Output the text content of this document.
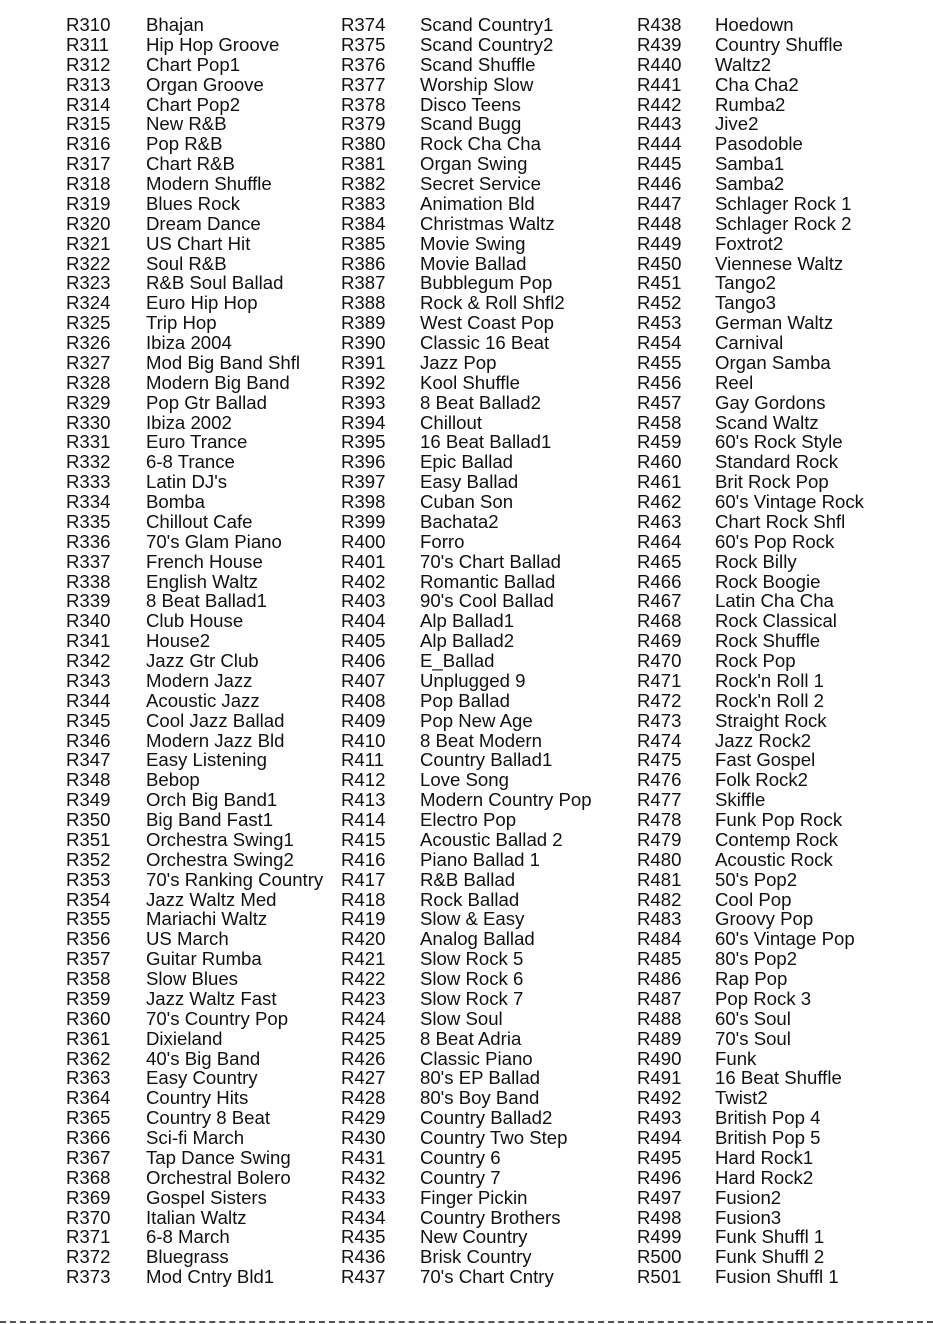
R310 Bhajan
R311 Hip Hop Groove
R312 Chart Pop1
R313 Organ Groove
R314 Chart Pop2
R315 New R&B
R316 Pop R&B
R317 Chart R&B
R318 Modern Shuffle
R319 Blues Rock
R320 Dream Dance
R321 US Chart Hit
R322 Soul R&B
R323 R&B Soul Ballad
R324 Euro Hip Hop
R325 Trip Hop
R326 Ibiza 2004
R327 Mod Big Band Shfl
R328 Modern Big Band
R329 Pop Gtr Ballad
R330 Ibiza 2002
R331 Euro Trance
R332 6-8 Trance
R333 Latin DJ's
R334 Bomba
R335 Chillout Cafe
R336 70's Glam Piano
R337 French House
R338 English Waltz
R339 8 Beat Ballad1
R340 Club House
R341 House2
R342 Jazz Gtr Club
R343 Modern Jazz
R344 Acoustic Jazz
R345 Cool Jazz Ballad
R346 Modern Jazz Bld
R347 Easy Listening
R348 Bebop
R349 Orch Big Band1
R350 Big Band Fast1
R351 Orchestra Swing1
R352 Orchestra Swing2
R353 70's Ranking Country
R354 Jazz Waltz Med
R355 Mariachi Waltz
R356 US March
R357 Guitar Rumba
R358 Slow Blues
R359 Jazz Waltz Fast
R360 70's Country Pop
R361 Dixieland
R362 40's Big Band
R363 Easy Country
R364 Country Hits
R365 Country 8 Beat
R366 Sci-fi March
R367 Tap Dance Swing
R368 Orchestral Bolero
R369 Gospel Sisters
R370 Italian Waltz
R371 6-8 March
R372 Bluegrass
R373 Mod Cntry Bld1
R374 Scand Country1
R375 Scand Country2
R376 Scand Shuffle
R377 Worship Slow
R378 Disco Teens
R379 Scand Bugg
R380 Rock Cha Cha
R381 Organ Swing
R382 Secret Service
R383 Animation Bld
R384 Christmas Waltz
R385 Movie Swing
R386 Movie Ballad
R387 Bubblegum Pop
R388 Rock & Roll Shfl2
R389 West Coast Pop
R390 Classic 16 Beat
R391 Jazz Pop
R392 Kool Shuffle
R393 8 Beat Ballad2
R394 Chillout
R395 16 Beat Ballad1
R396 Epic Ballad
R397 Easy Ballad
R398 Cuban Son
R399 Bachata2
R400 Forro
R401 70's Chart Ballad
R402 Romantic Ballad
R403 90's Cool Ballad
R404 Alp Ballad1
R405 Alp Ballad2
R406 E_Ballad
R407 Unplugged 9
R408 Pop Ballad
R409 Pop New Age
R410 8 Beat Modern
R411 Country Ballad1
R412 Love Song
R413 Modern Country Pop
R414 Electro Pop
R415 Acoustic Ballad 2
R416 Piano Ballad 1
R417 R&B Ballad
R418 Rock Ballad
R419 Slow & Easy
R420 Analog Ballad
R421 Slow Rock 5
R422 Slow Rock 6
R423 Slow Rock 7
R424 Slow Soul
R425 8 Beat Adria
R426 Classic Piano
R427 80's EP Ballad
R428 80's Boy Band
R429 Country Ballad2
R430 Country Two Step
R431 Country 6
R432 Country 7
R433 Finger Pickin
R434 Country Brothers
R435 New Country
R436 Brisk Country
R437 70's Chart Cntry
R438 Hoedown
R439 Country Shuffle
R440 Waltz2
R441 Cha Cha2
R442 Rumba2
R443 Jive2
R444 Pasodoble
R445 Samba1
R446 Samba2
R447 Schlager Rock 1
R448 Schlager Rock 2
R449 Foxtrot2
R450 Viennese Waltz
R451 Tango2
R452 Tango3
R453 German Waltz
R454 Carnival
R455 Organ Samba
R456 Reel
R457 Gay Gordons
R458 Scand Waltz
R459 60's Rock Style
R460 Standard Rock
R461 Brit Rock Pop
R462 60's Vintage Rock
R463 Chart Rock Shfl
R464 60's Pop Rock
R465 Rock Billy
R466 Rock Boogie
R467 Latin Cha Cha
R468 Rock Classical
R469 Rock Shuffle
R470 Rock Pop
R471 Rock'n Roll 1
R472 Rock'n Roll 2
R473 Straight Rock
R474 Jazz Rock2
R475 Fast Gospel
R476 Folk Rock2
R477 Skiffle
R478 Funk Pop Rock
R479 Contemp Rock
R480 Acoustic Rock
R481 50's Pop2
R482 Cool Pop
R483 Groovy Pop
R484 60's Vintage Pop
R485 80's Pop2
R486 Rap Pop
R487 Pop Rock 3
R488 60's Soul
R489 70's Soul
R490 Funk
R491 16 Beat Shuffle
R492 Twist2
R493 British Pop 4
R494 British Pop 5
R495 Hard Rock1
R496 Hard Rock2
R497 Fusion2
R498 Fusion3
R499 Funk Shuffl 1
R500 Funk Shuffl 2
R501 Fusion Shuffl 1
